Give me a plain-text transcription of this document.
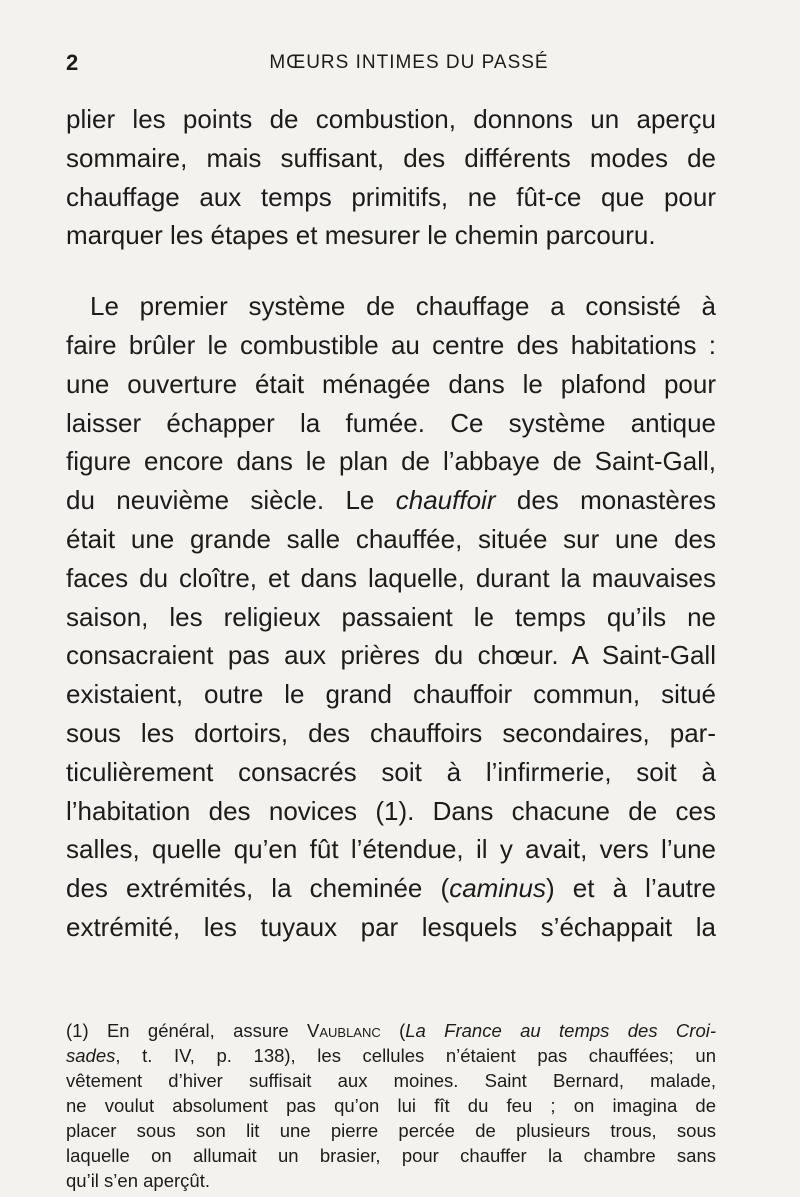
2	MŒURS INTIMES DU PASSÉ
plier les points de combustion, donnons un aperçu
sommaire, mais suffisant, des différents modes de
chauffage aux temps primitifs, ne fût-ce que pour
marquer les étapes et mesurer le chemin parcouru.
Le premier système de chauffage a consisté à
faire brûler le combustible au centre des habitations :
une ouverture était ménagée dans le plafond pour
laisser échapper la fumée. Ce système antique
figure encore dans le plan de l’abbaye de Saint-Gall,
du neuvième siècle. Le chauffoir des monastères
était une grande salle chauffée, située sur une des
faces du cloître, et dans laquelle, durant la mauvaises
saison, les religieux passaient le temps qu’ils ne
consacraient pas aux prières du chœur. A Saint-Gall
existaient, outre le grand chauffoir commun, situé
sous les dortoirs, des chauffoirs secondaires, par-
ticulièrement consacrés soit à l’infirmerie, soit à
l’habitation des novices (1). Dans chacune de ces
salles, quelle qu’en fût l’étendue, il y avait, vers l’une
des extrémités, la cheminée (caminus) et à l’autre
extrémité, les tuyaux par lesquels s’échappait la
(1) En général, assure Vaublanc (La France au temps des Croi-
sades, t. IV, p. 138), les cellules n’étaient pas chauffées; un
vêtement d’hiver suffisait aux moines. Saint Bernard, malade,
ne voulut absolument pas qu’on lui fît du feu ; on imagina de
placer sous son lit une pierre percée de plusieurs trous, sous
laquelle on allumait un brasier, pour chauffer la chambre sans
qu’il s’en aperçût.
